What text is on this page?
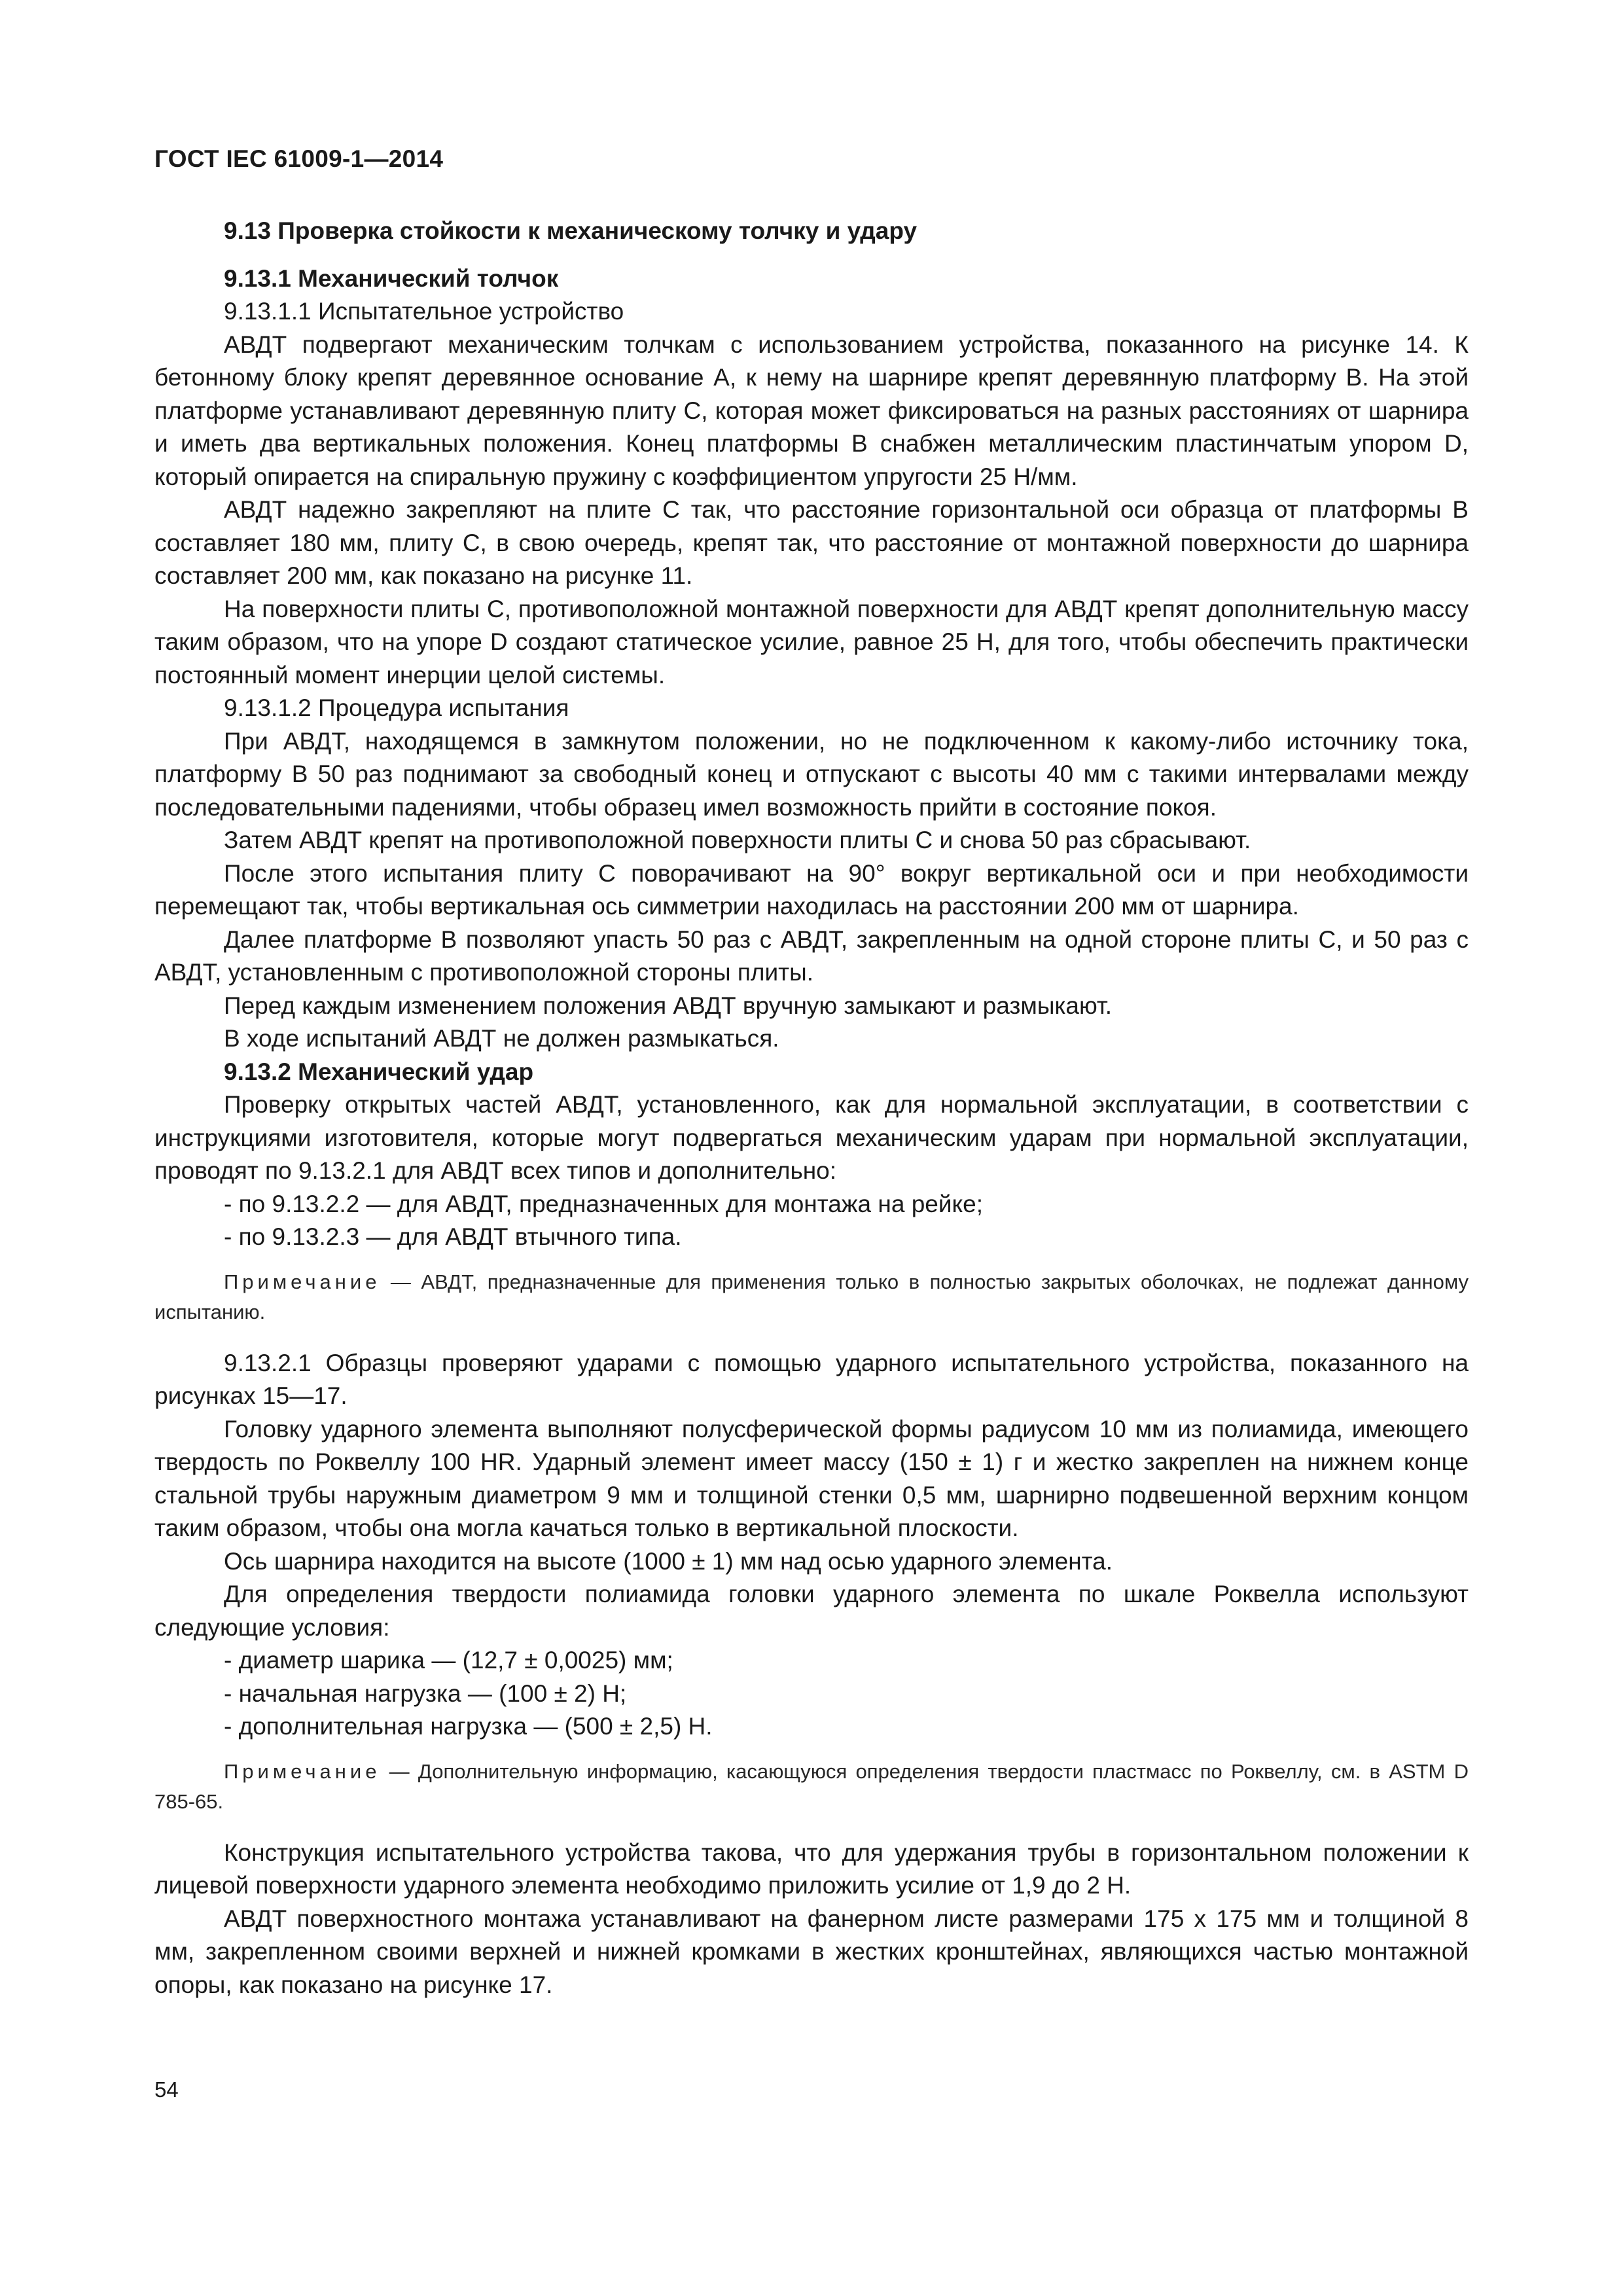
ГОСТ IEC 61009-1—2014

9.13 Проверка стойкости к механическому толчку и удару

9.13.1 Механический толчок

9.13.1.1 Испытательное устройство

АВДТ подвергают механическим толчкам с использованием устройства, показанного на рисунке 14. К бетонному блоку крепят деревянное основание A, к нему на шарнире крепят деревянную платформу B. На этой платформе устанавливают деревянную плиту C, которая может фиксироваться на разных расстояниях от шарнира и иметь два вертикальных положения. Конец платформы B снабжен металлическим пластинчатым упором D, который опирается на спиральную пружину с коэффициентом упругости 25 Н/мм.

АВДТ надежно закрепляют на плите C так, что расстояние горизонтальной оси образца от платформы B составляет 180 мм, плиту C, в свою очередь, крепят так, что расстояние от монтажной поверхности до шарнира составляет 200 мм, как показано на рисунке 11.

На поверхности плиты C, противоположной монтажной поверхности для АВДТ крепят дополнительную массу таким образом, что на упоре D создают статическое усилие, равное 25 Н, для того, чтобы обеспечить практически постоянный момент инерции целой системы.

9.13.1.2 Процедура испытания

При АВДТ, находящемся в замкнутом положении, но не подключенном к какому-либо источнику тока, платформу B 50 раз поднимают за свободный конец и отпускают с высоты 40 мм с такими интервалами между последовательными падениями, чтобы образец имел возможность прийти в состояние покоя.

Затем АВДТ крепят на противоположной поверхности плиты C и снова 50 раз сбрасывают.

После этого испытания плиту C поворачивают на 90° вокруг вертикальной оси и при необходимости перемещают так, чтобы вертикальная ось симметрии находилась на расстоянии 200 мм от шарнира.

Далее платформе B позволяют упасть 50 раз с АВДТ, закрепленным на одной стороне плиты C, и 50 раз с АВДТ, установленным с противоположной стороны плиты.

Перед каждым изменением положения АВДТ вручную замыкают и размыкают.

В ходе испытаний АВДТ не должен размыкаться.

9.13.2 Механический удар

Проверку открытых частей АВДТ, установленного, как для нормальной эксплуатации, в соответствии с инструкциями изготовителя, которые могут подвергаться механическим ударам при нормальной эксплуатации, проводят по 9.13.2.1 для АВДТ всех типов и дополнительно:

- по 9.13.2.2 — для АВДТ, предназначенных для монтажа на рейке;

- по 9.13.2.3 — для АВДТ втычного типа.

Примечание — АВДТ, предназначенные для применения только в полностью закрытых оболочках, не подлежат данному испытанию.

9.13.2.1 Образцы проверяют ударами с помощью ударного испытательного устройства, показанного на рисунках 15—17.

Головку ударного элемента выполняют полусферической формы радиусом 10 мм из полиамида, имеющего твердость по Роквеллу 100 HR. Ударный элемент имеет массу (150 ± 1) г и жестко закреплен на нижнем конце стальной трубы наружным диаметром 9 мм и толщиной стенки 0,5 мм, шарнирно подвешенной верхним концом таким образом, чтобы она могла качаться только в вертикальной плоскости.

Ось шарнира находится на высоте (1000 ± 1) мм над осью ударного элемента.

Для определения твердости полиамида головки ударного элемента по шкале Роквелла используют следующие условия:

- диаметр шарика — (12,7 ± 0,0025) мм;

- начальная нагрузка — (100 ± 2) Н;

- дополнительная нагрузка — (500 ± 2,5) Н.

Примечание — Дополнительную информацию, касающуюся определения твердости пластмасс по Роквеллу, см. в ASTM D 785-65.

Конструкция испытательного устройства такова, что для удержания трубы в горизонтальном положении к лицевой поверхности ударного элемента необходимо приложить усилие от 1,9 до 2 Н.

АВДТ поверхностного монтажа устанавливают на фанерном листе размерами 175 x 175 мм и толщиной 8 мм, закрепленном своими верхней и нижней кромками в жестких кронштейнах, являющихся частью монтажной опоры, как показано на рисунке 17.

54
